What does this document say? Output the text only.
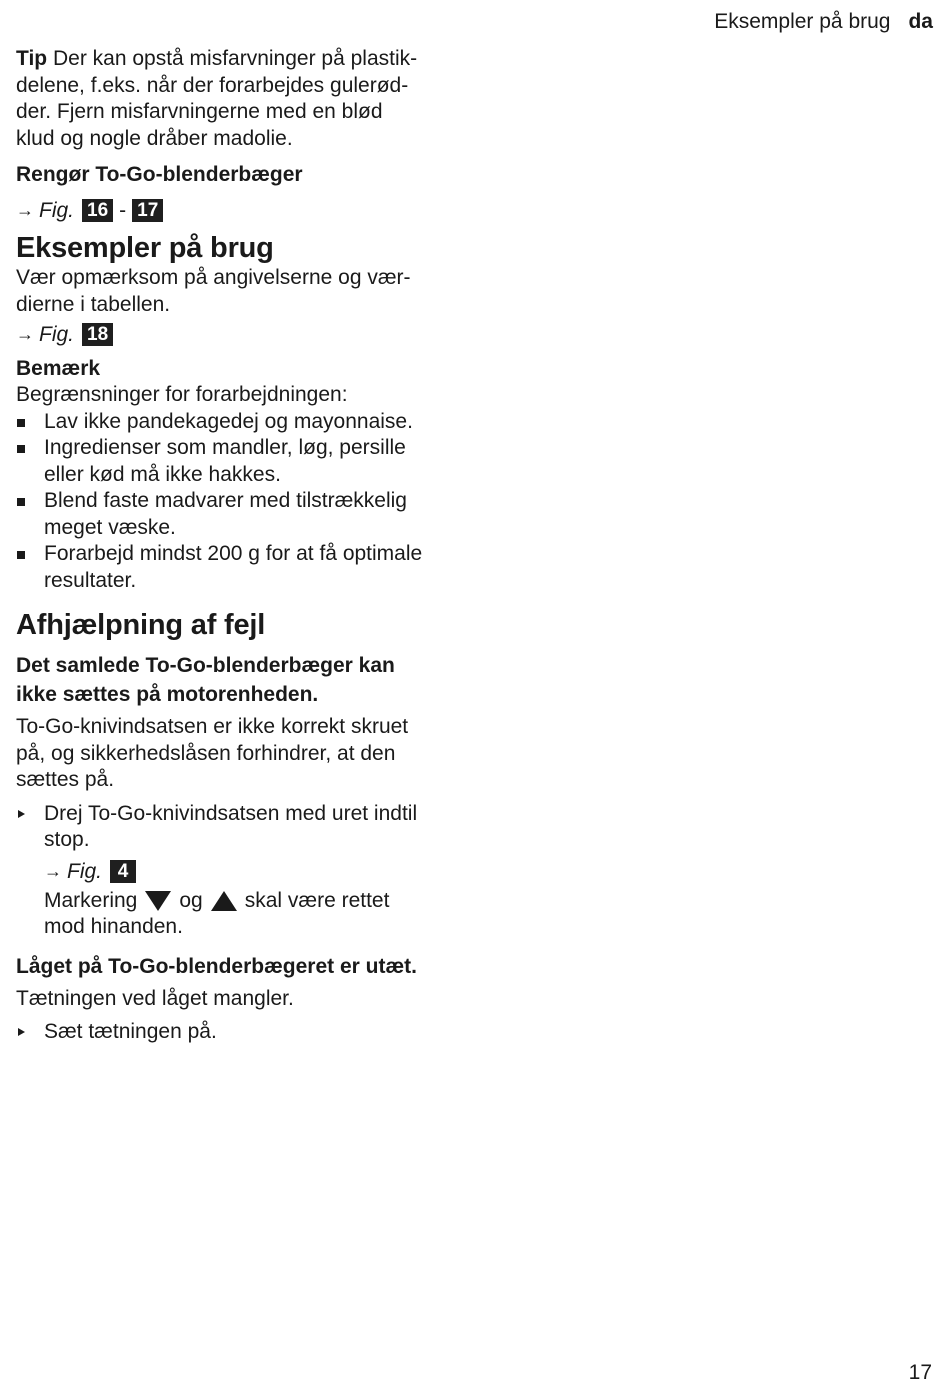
Eksempler på brug da

Tip Der kan opstå misfarvninger på plastik-

delene, f.eks. når der forarbejdes gulerød-

der. Fjern misfarvningerne med en blød

klud og nogle dråber madolie.

Rengør To-Go-blenderbæger

→ Fig. 16 - 17

Eksempler på brug

Vær opmærksom på angivelserne og vær-

dierne i tabellen.

→ Fig. 18

Bemærk

Begrænsninger for forarbejdningen:

Lav ikke pandekagedej og mayonnaise.
Ingredienser som mandler, løg, persille
eller kød må ikke hakkes.
Blend faste madvarer med tilstrækkelig
meget væske.
Forarbejd mindst 200 g for at få optimale
resultater.

Afhjælpning af fejl

Det samlede To-Go-blenderbæger kan

ikke sættes på motorenheden.

To-Go-knivindsatsen er ikke korrekt skruet

på, og sikkerhedslåsen forhindrer, at den

sættes på.

Drej To-Go-knivindsatsen med uret indtil

stop.

→ Fig. 4
Markering og skal være rettet

mod hinanden.

Låget på To-Go-blenderbægeret er utæt.

Tætningen ved låget mangler.

Sæt tætningen på.

17
